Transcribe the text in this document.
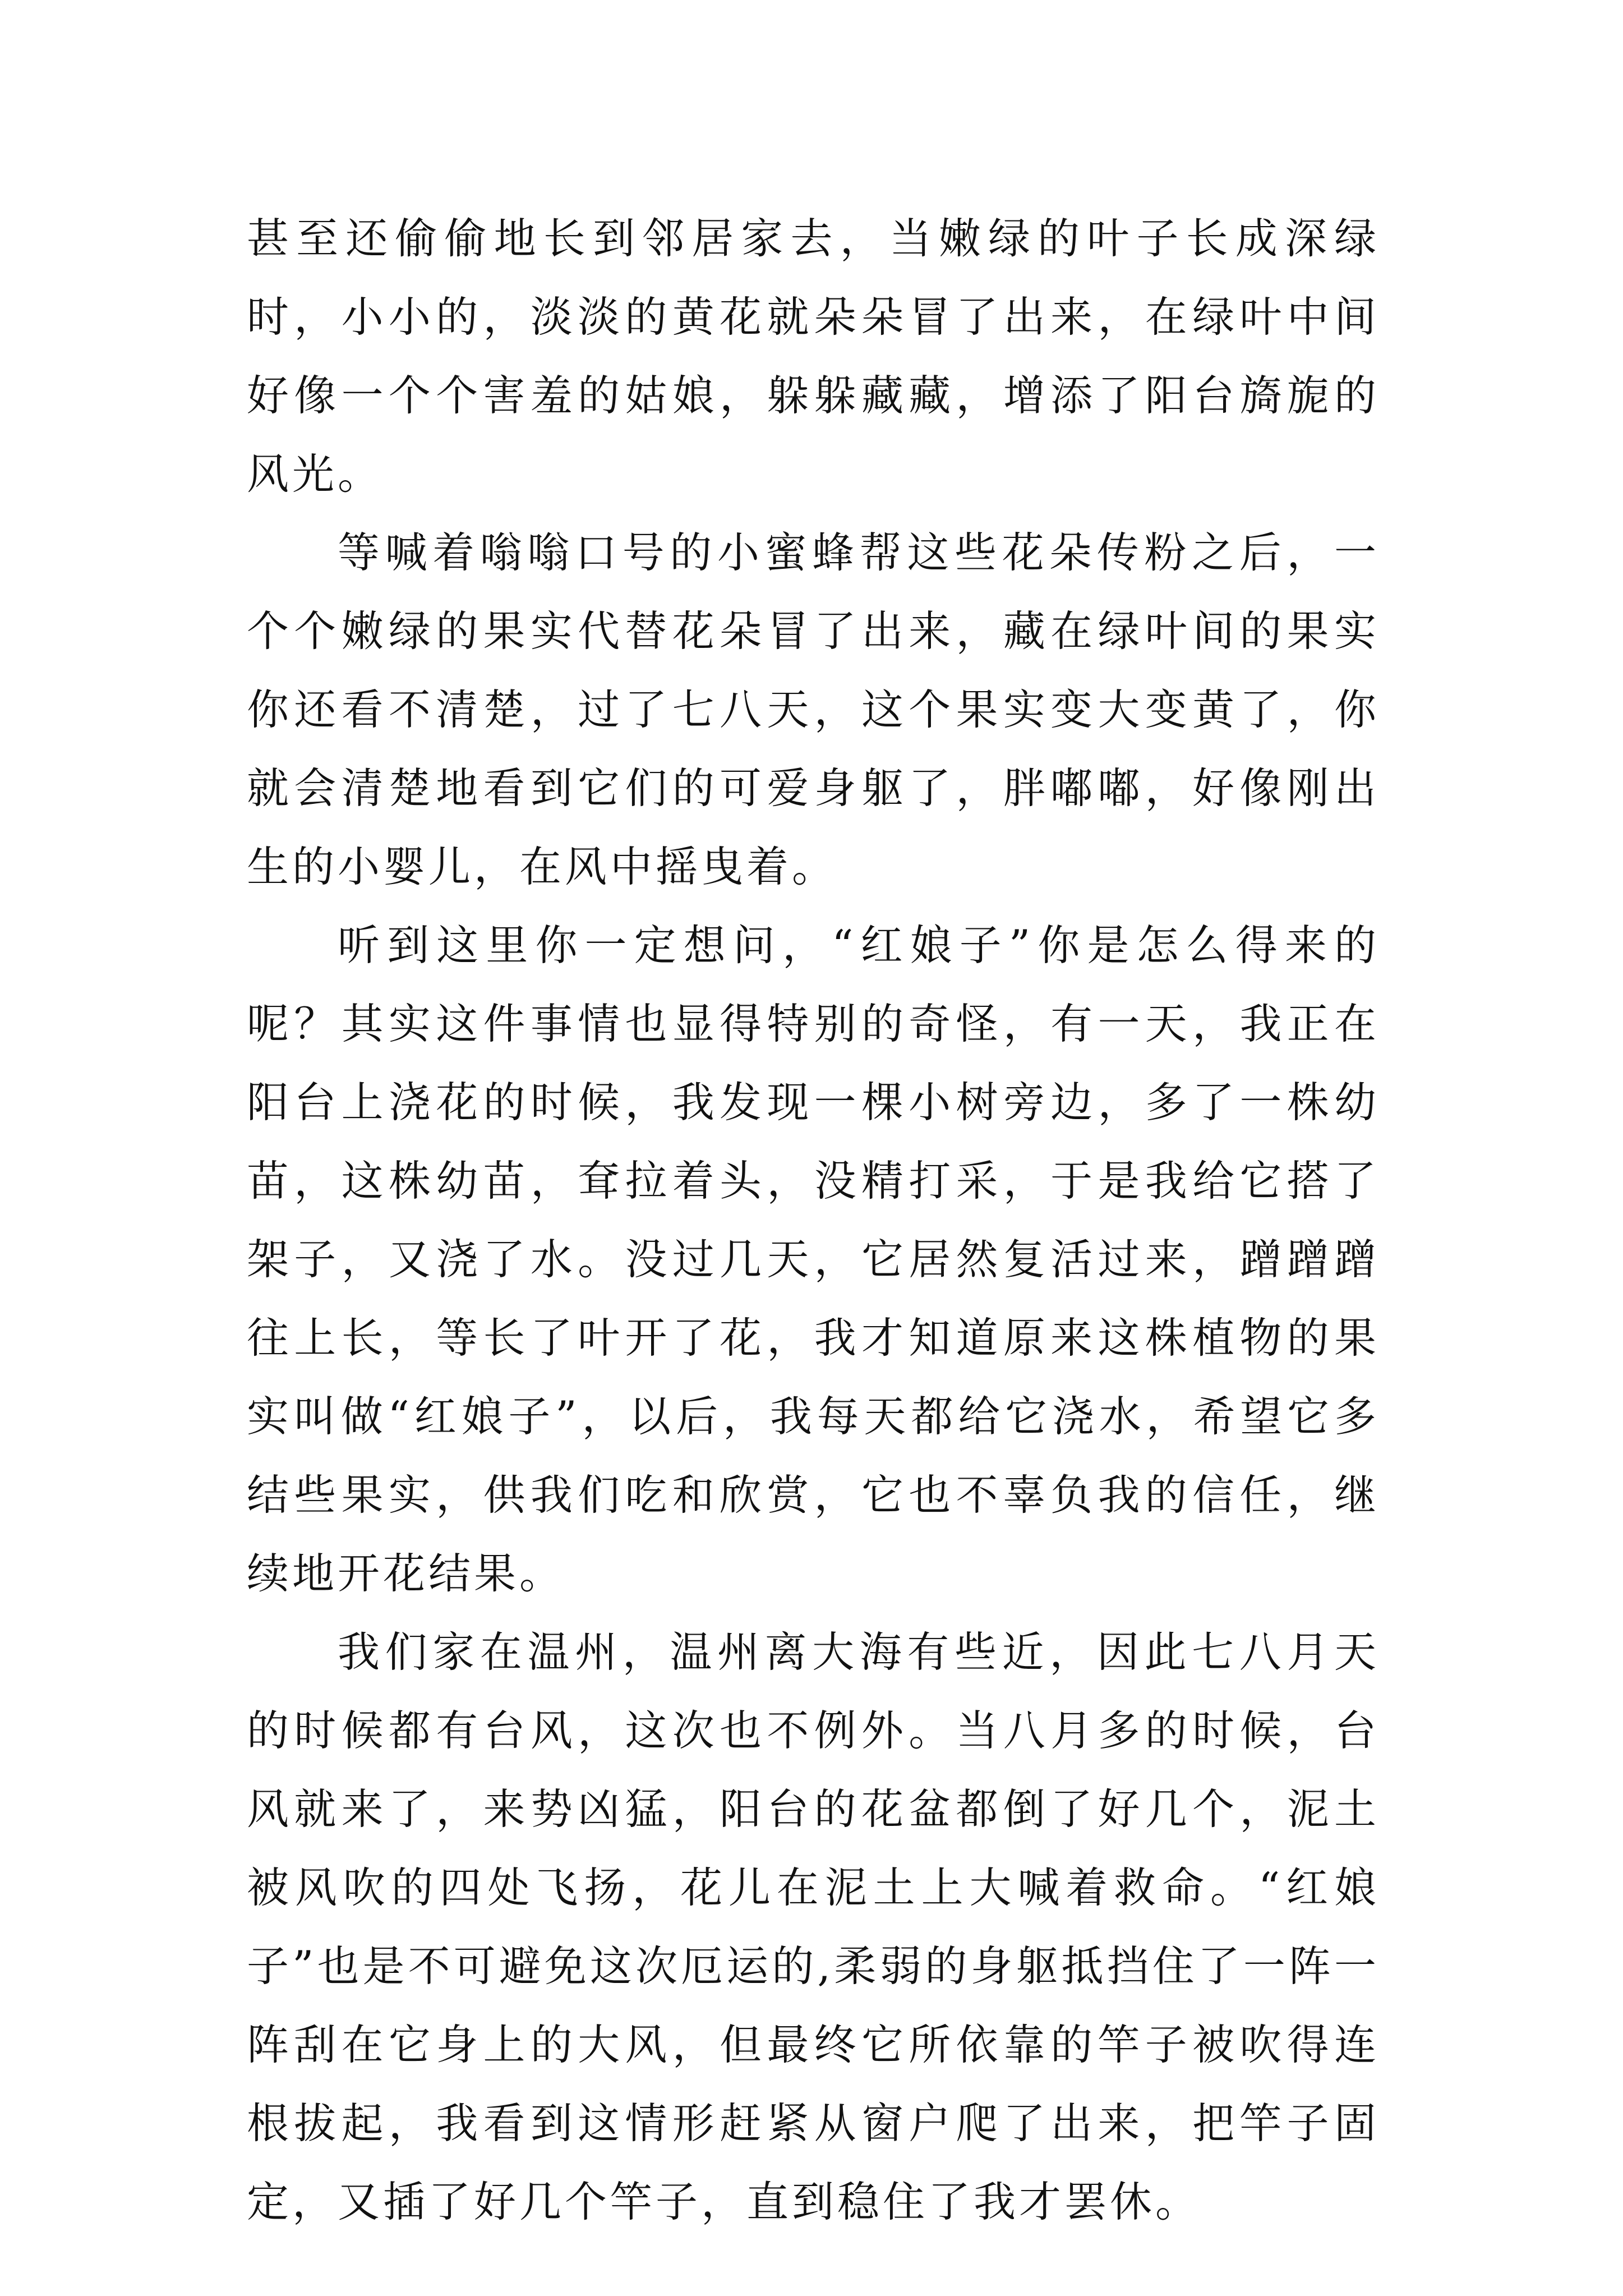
甚至还偷偷地长到邻居家去，当嫩绿的叶子长成深绿时，小小的，淡淡的黄花就朵朵冒了出来，在绿叶中间好像一个个害羞的姑娘，躲躲藏藏，增添了阳台旖旎的风光。

等喊着嗡嗡口号的小蜜蜂帮这些花朵传粉之后，一个个嫩绿的果实代替花朵冒了出来，藏在绿叶间的果实你还看不清楚，过了七八天，这个果实变大变黄了，你就会清楚地看到它们的可爱身躯了，胖嘟嘟，好像刚出生的小婴儿，在风中摇曳着。

听到这里你一定想问，“红娘子”你是怎么得来的呢？其实这件事情也显得特别的奇怪，有一天，我正在阳台上浇花的时候，我发现一棵小树旁边，多了一株幼苗，这株幼苗，耷拉着头，没精打采，于是我给它搭了架子，又浇了水。没过几天，它居然复活过来，蹭蹭蹭往上长，等长了叶开了花，我才知道原来这株植物的果实叫做“红娘子”，以后，我每天都给它浇水，希望它多结些果实，供我们吃和欣赏，它也不辜负我的信任，继续地开花结果。

我们家在温州，温州离大海有些近，因此七八月天的时候都有台风，这次也不例外。当八月多的时候，台风就来了，来势凶猛，阳台的花盆都倒了好几个，泥土被风吹的四处飞扬，花儿在泥土上大喊着救命。“红娘子”也是不可避免这次厄运的,柔弱的身躯抵挡住了一阵一阵刮在它身上的大风，但最终它所依靠的竿子被吹得连根拔起，我看到这情形赶紧从窗户爬了出来，把竿子固定，又插了好几个竿子，直到稳住了我才罢休。
